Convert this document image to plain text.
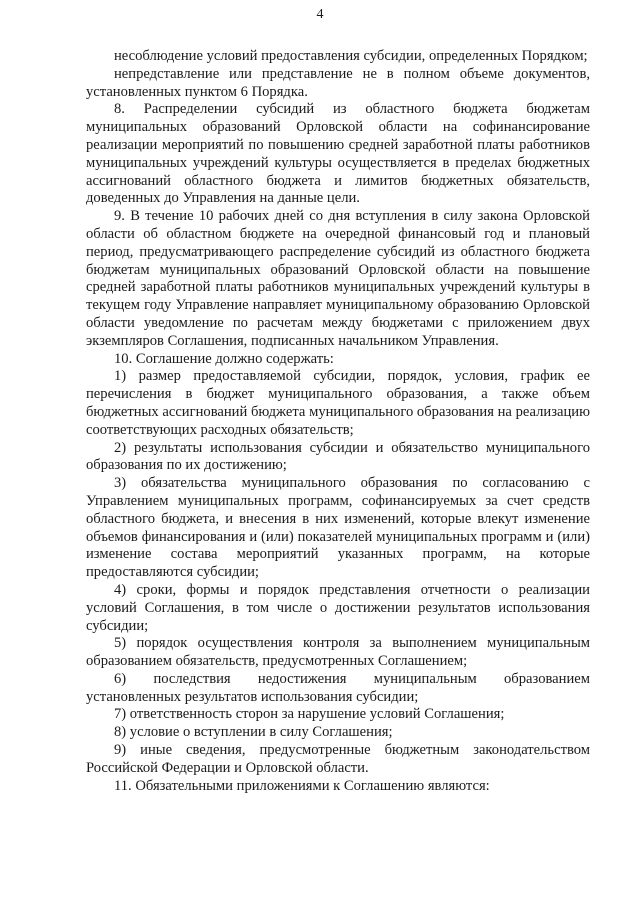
4

несоблюдение условий предоставления субсидии, определенных Порядком;

непредставление или представление не в полном объеме документов, установленных пунктом 6 Порядка.

8. Распределении субсидий из областного бюджета бюджетам муниципальных образований Орловской области на софинансирование реализации мероприятий по повышению средней заработной платы работников муниципальных учреждений культуры осуществляется в пределах бюджетных ассигнований областного бюджета и лимитов бюджетных обязательств, доведенных до Управления на данные цели.

9. В течение 10 рабочих дней со дня вступления в силу закона Орловской области об областном бюджете на очередной финансовый год и плановый период, предусматривающего распределение субсидий из областного бюджета бюджетам муниципальных образований Орловской области на повышение средней заработной платы работников муниципальных учреждений культуры в текущем году Управление направляет муниципальному образованию Орловской области уведомление по расчетам между бюджетами с приложением двух экземпляров Соглашения, подписанных начальником Управления.

10. Соглашение должно содержать:

1) размер предоставляемой субсидии, порядок, условия, график ее перечисления в бюджет муниципального образования, а также объем бюджетных ассигнований бюджета муниципального образования на реализацию соответствующих расходных обязательств;

2) результаты использования субсидии и обязательство муниципального образования по их достижению;

3) обязательства муниципального образования по согласованию с Управлением муниципальных программ, софинансируемых за счет средств областного бюджета, и внесения в них изменений, которые влекут изменение объемов финансирования и (или) показателей муниципальных программ и (или) изменение состава мероприятий указанных программ, на которые предоставляются субсидии;

4) сроки, формы и порядок представления отчетности о реализации условий Соглашения, в том числе о достижении результатов использования субсидии;

5) порядок осуществления контроля за выполнением муниципальным образованием обязательств, предусмотренных Соглашением;

6) последствия недостижения муниципальным образованием установленных результатов использования субсидии;

7) ответственность сторон за нарушение условий Соглашения;

8) условие о вступлении в силу Соглашения;

9) иные сведения, предусмотренные бюджетным законодательством Российской Федерации и Орловской области.

11. Обязательными приложениями к Соглашению являются:
